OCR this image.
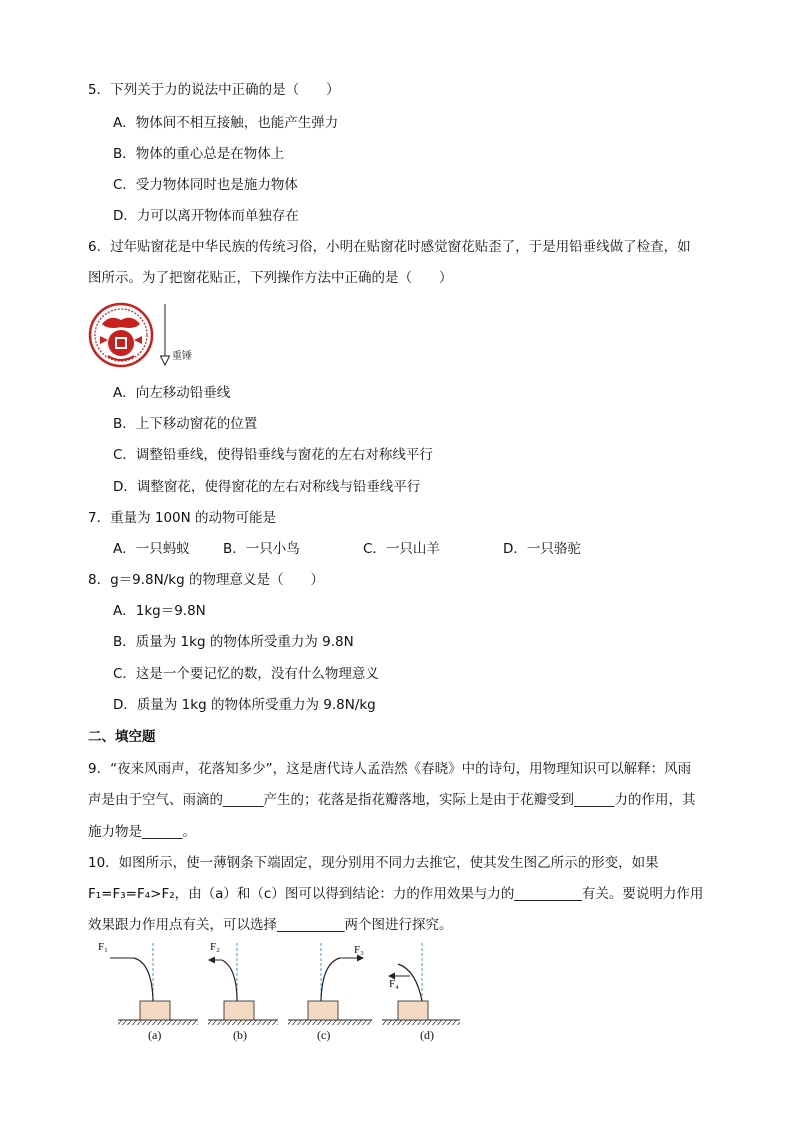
5．下列关于力的说法中正确的是（　　）
A．物体间不相互接触，也能产生弹力
B．物体的重心总是在物体上
C．受力物体同时也是施力物体
D．力可以离开物体而单独存在
6．过年贴窗花是中华民族的传统习俗，小明在贴窗花时感觉窗花贴歪了，于是用铅垂线做了检查，如
图所示。为了把窗花贴正，下列操作方法中正确的是（　　）
重锤
A．向左移动铅垂线
B．上下移动窗花的位置
C．调整铅垂线，使得铅垂线与窗花的左右对称线平行
D．调整窗花，使得窗花的左右对称线与铅垂线平行
7．重量为 100N 的动物可能是
A．一只蚂蚁 B．一只小鸟	C．一只山羊	D．一只骆驼
8．g＝9.8N/kg 的物理意义是（　　）
A．1kg＝9.8N
B．质量为 1kg 的物体所受重力为 9.8N
C．这是一个要记忆的数，没有什么物理意义
D．质量为 1kg 的物体所受重力为 9.8N/kg
二、填空题
9．“夜来风雨声，花落知多少”，这是唐代诗人孟浩然《春晓》中的诗句，用物理知识可以解释：风雨
声是由于空气、雨滴的______产生的；花落是指花瓣落地，实际上是由于花瓣受到______力的作用，其
施力物是______。
10．如图所示，使一薄钢条下端固定，现分别用不同力去推它，使其发生图乙所示的形变，如果
F₁=F₃=F₄>F₂，由（a）和（c）图可以得到结论：力的作用效果与力的__________有关。要说明力作用
效果跟力作用点有关，可以选择__________两个图进行探究。
F₁	F₂	F₃
F₄
(a)	(b)	(c)	(d)
